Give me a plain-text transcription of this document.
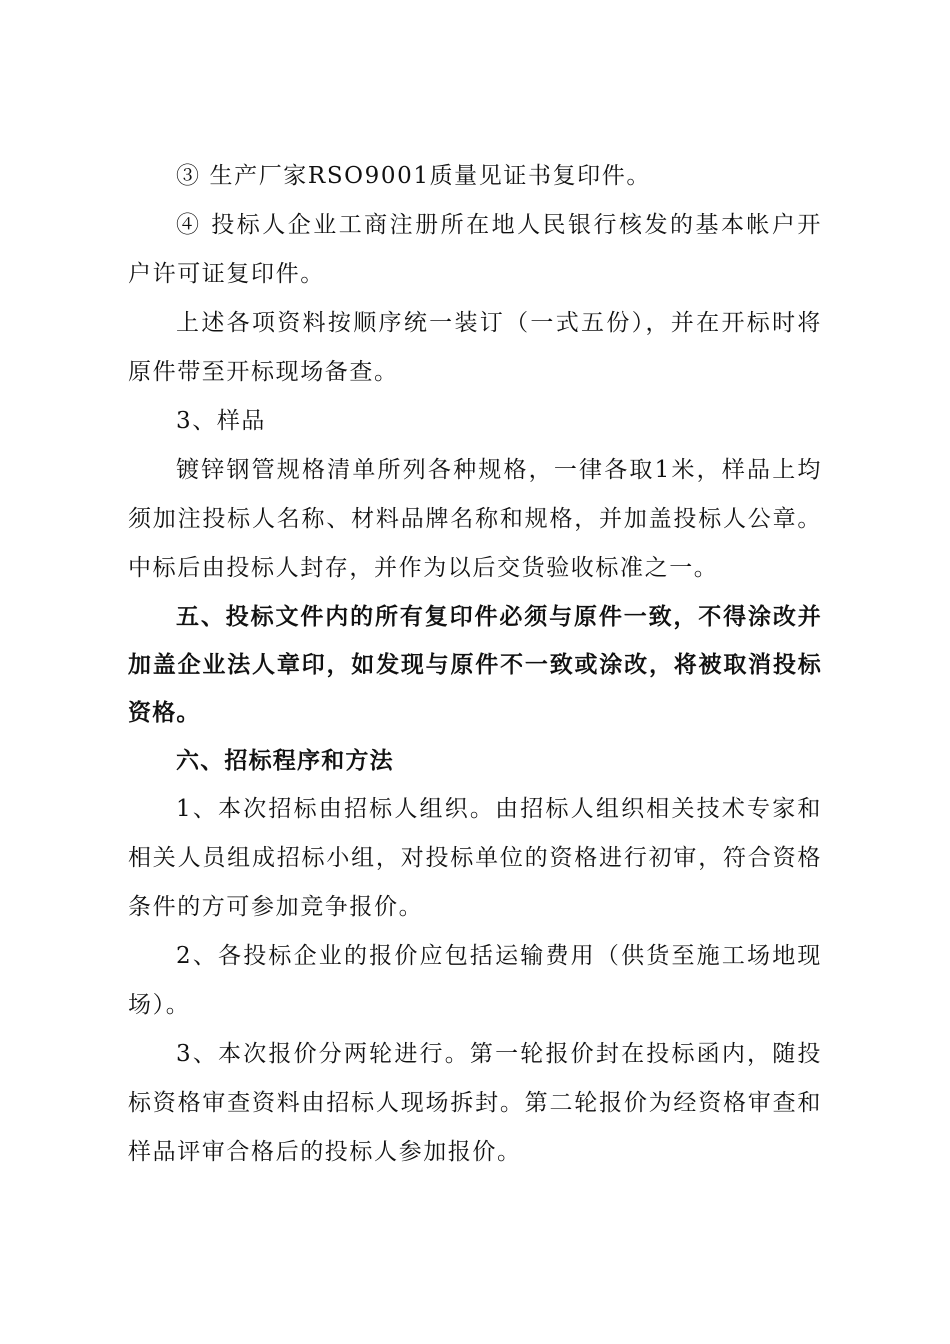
③ 生产厂家RSO9001质量见证书复印件。

④ 投标人企业工商注册所在地人民银行核发的基本帐户开户许可证复印件。

上述各项资料按顺序统一装订（一式五份），并在开标时将原件带至开标现场备查。

3、样品

镀锌钢管规格清单所列各种规格，一律各取1米，样品上均须加注投标人名称、材料品牌名称和规格，并加盖投标人公章。中标后由投标人封存，并作为以后交货验收标准之一。

五、投标文件内的所有复印件必须与原件一致，不得涂改并加盖企业法人章印，如发现与原件不一致或涂改，将被取消投标资格。

六、招标程序和方法

1、本次招标由招标人组织。由招标人组织相关技术专家和相关人员组成招标小组，对投标单位的资格进行初审，符合资格条件的方可参加竞争报价。

2、各投标企业的报价应包括运输费用（供货至施工场地现场）。

3、本次报价分两轮进行。第一轮报价封在投标函内，随投标资格审查资料由招标人现场拆封。第二轮报价为经资格审查和样品评审合格后的投标人参加报价。
